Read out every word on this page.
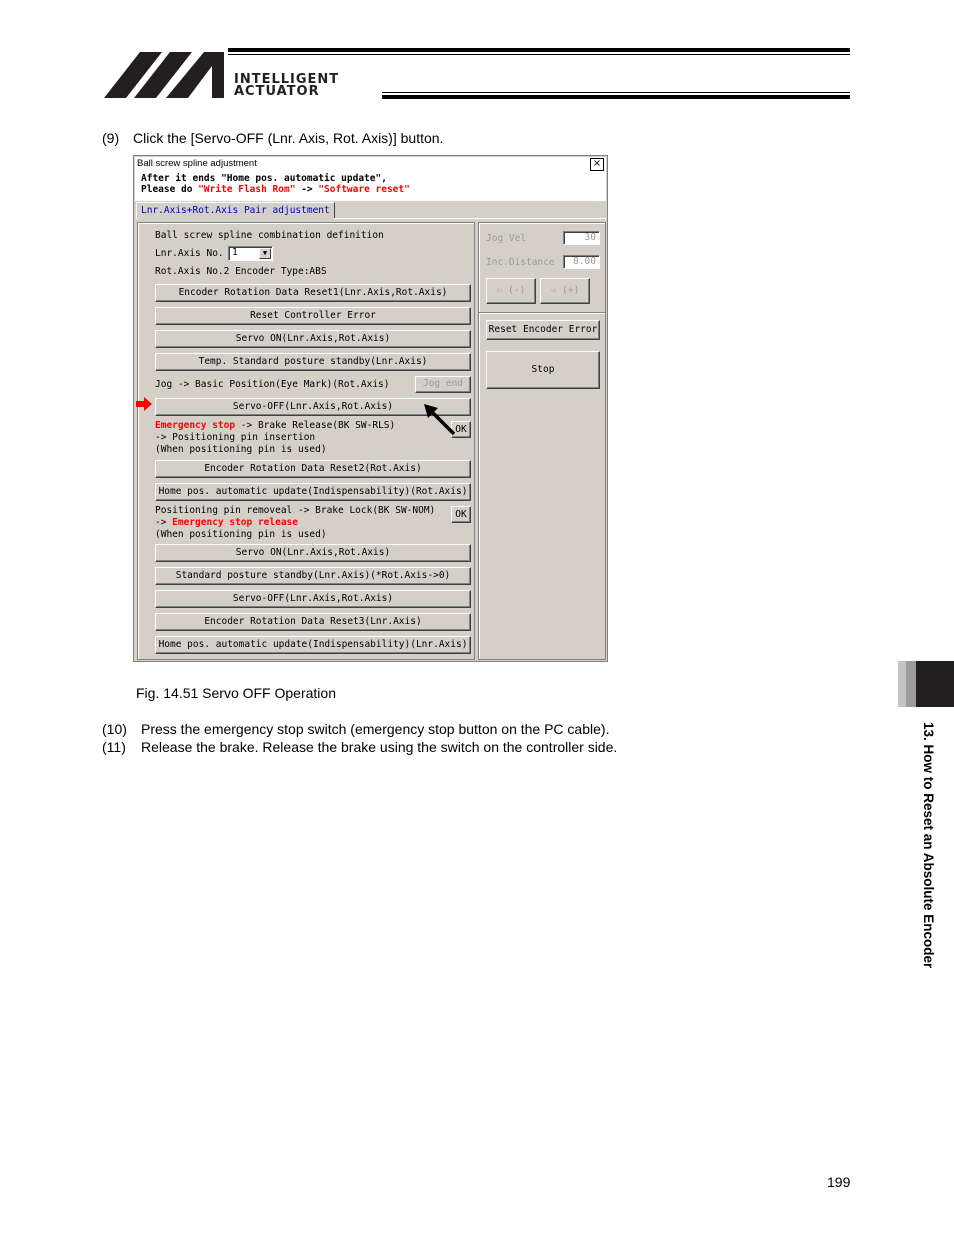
INTELLIGENT
ACTUATOR
(9) Click the [Servo-OFF (Lnr. Axis, Rot. Axis)] button.
Ball screw spline adjustment	×
After it ends "Home pos. automatic update",
Please do "Write Flash Rom" -> "Software reset"
Lnr.Axis+Rot.Axis Pair adjustment
Ball screw spline combination definition
Lnr.Axis No. 1	▼
Rot.Axis No.2 Encoder Type:ABS
Encoder Rotation Data Reset1(Lnr.Axis,Rot.Axis)
Reset Controller Error
Servo ON(Lnr.Axis,Rot.Axis)
Temp. Standard posture standby(Lnr.Axis)
Jog -> Basic Position(Eye Mark)(Rot.Axis)	Jog end
Servo-OFF(Lnr.Axis,Rot.Axis)
Emergency stop -> Brake Release(BK SW-RLS)
-> Positioning pin insertion
(When positioning pin is used)
OK
Encoder Rotation Data Reset2(Rot.Axis)
Home pos. automatic update(Indispensability)(Rot.Axis)
Positioning pin removeal -> Brake Lock(BK SW-NOM)
-> Emergency stop release
(When positioning pin is used)
OK
Servo ON(Lnr.Axis,Rot.Axis)
Standard posture standby(Lnr.Axis)(*Rot.Axis->0)
Servo-OFF(Lnr.Axis,Rot.Axis)
Encoder Rotation Data Reset3(Lnr.Axis)
Home pos. automatic update(Indispensability)(Lnr.Axis)
Jog Vel	30
Inc.Distance	0.00
⇦ (-)	⇨ (+)
Reset Encoder Error
Stop
Fig. 14.51 Servo OFF Operation
(10) Press the emergency stop switch (emergency stop button on the PC cable).
(11) Release the brake. Release the brake using the switch on the controller side.	13. How to Reset an Absolute Encoder
199
